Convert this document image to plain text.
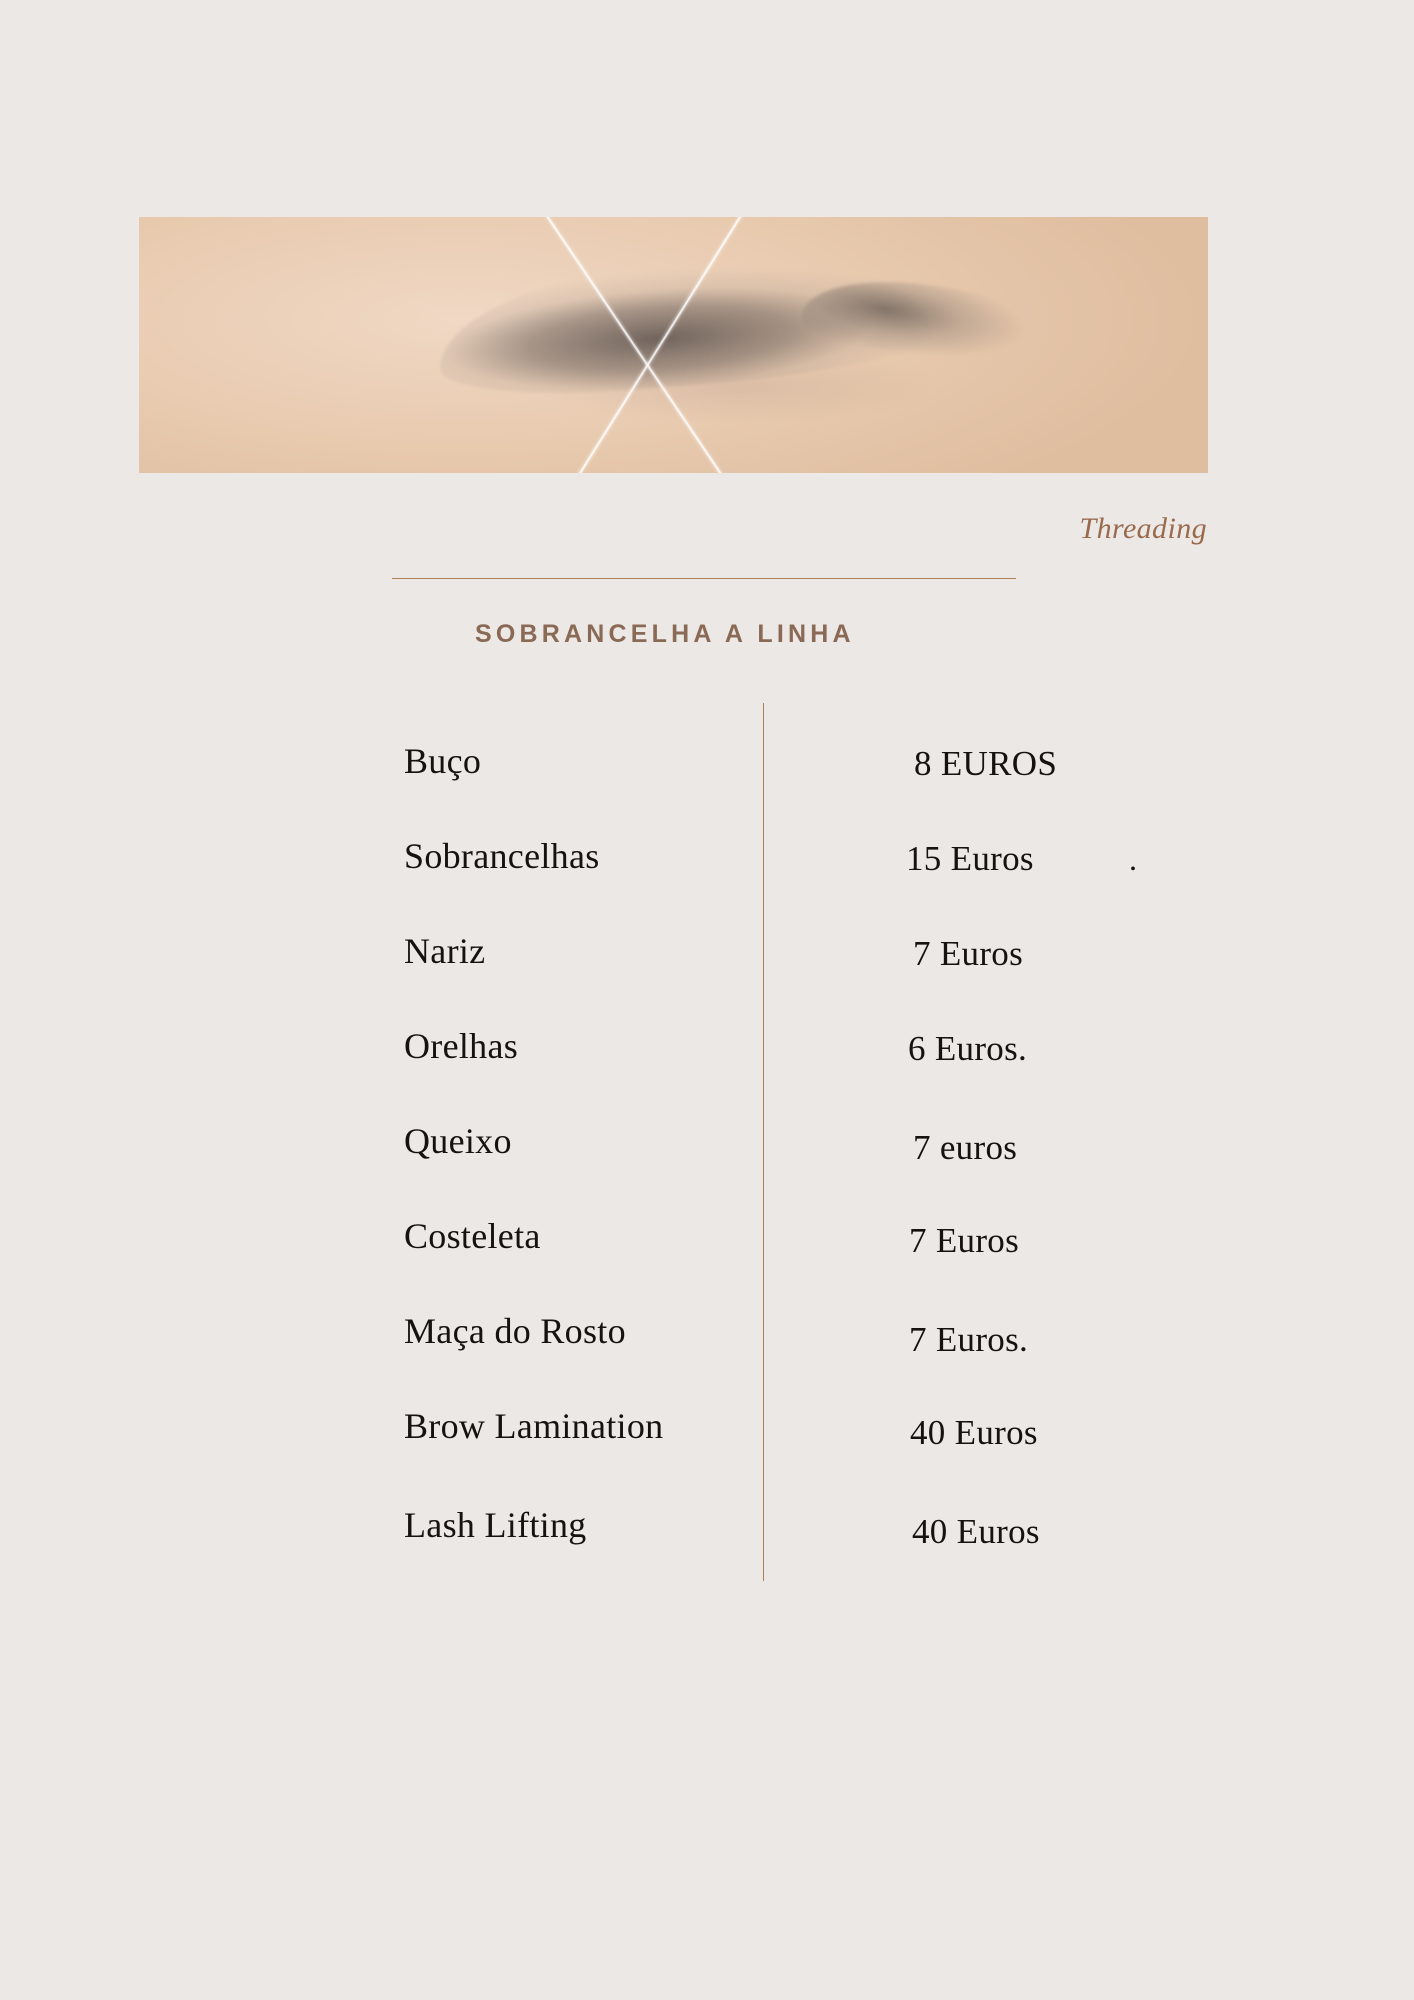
Threading
SOBRANCELHA A LINHA
Buço	8 EUROS
Sobrancelhas	15 Euros	.
Nariz	7 Euros
Orelhas	6 Euros.
Queixo	7 euros
Costeleta	7 Euros
Maça do Rosto	7 Euros.
Brow Lamination	40 Euros
Lash Lifting	40 Euros
